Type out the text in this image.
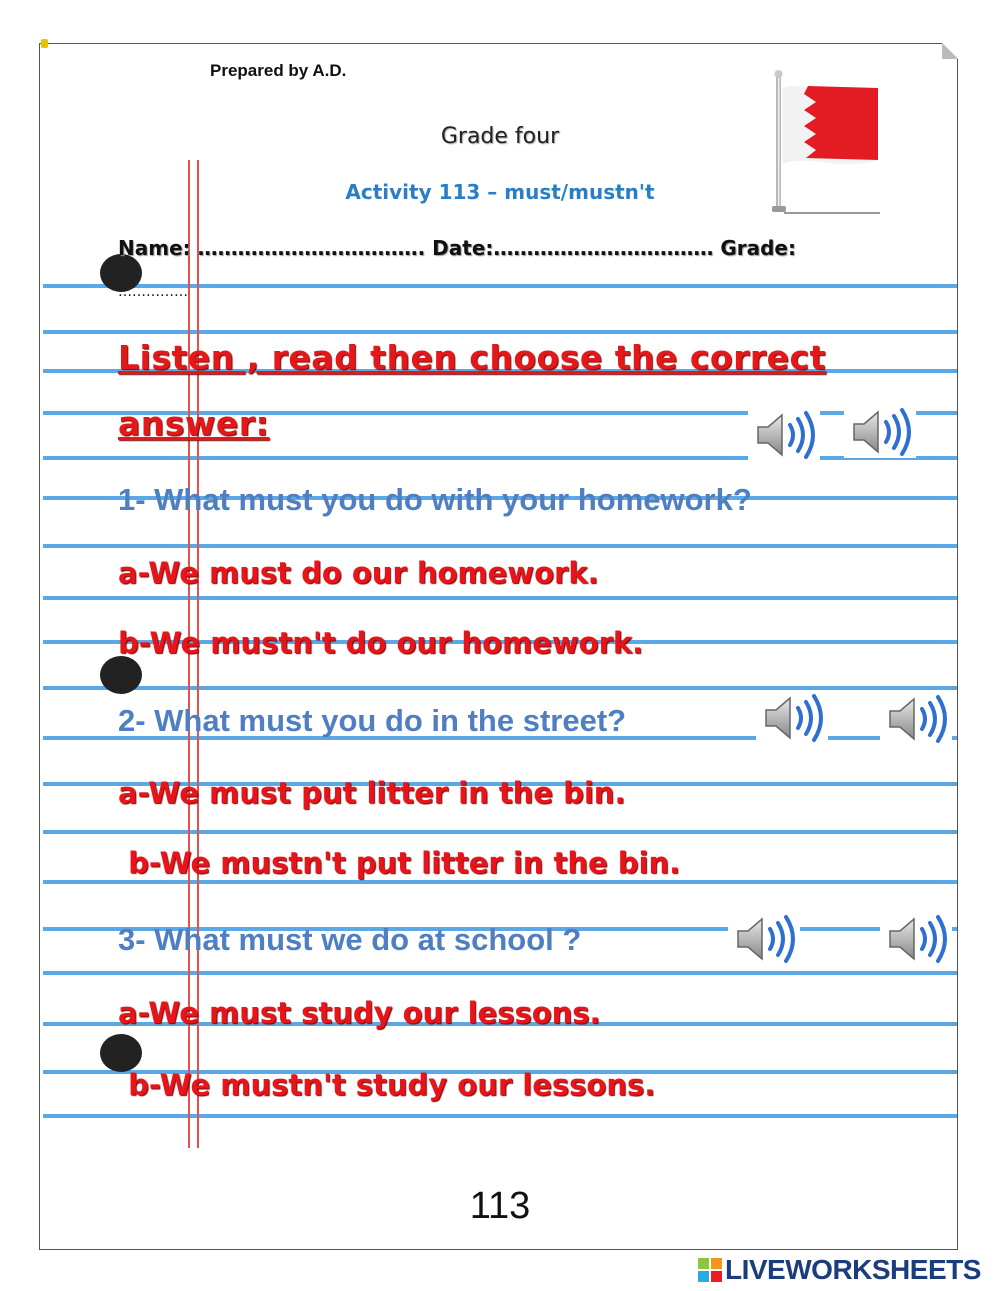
Prepared by A.D.
Grade four
Activity 113 – must/mustn't
Name: ……………………………. Date:…………………………… Grade:
……………
Listen , read then choose the correct
answer:
1- What must you do with your homework?
a-We must do our homework.
b-We mustn't do our homework.
2- What must you do in the street?
a-We must put litter in the bin.
b-We mustn't put litter in the bin.
3- What must we do at school ?
a-We must study our lessons.
b-We mustn't study our lessons.
113
LIVEWORKSHEETS
